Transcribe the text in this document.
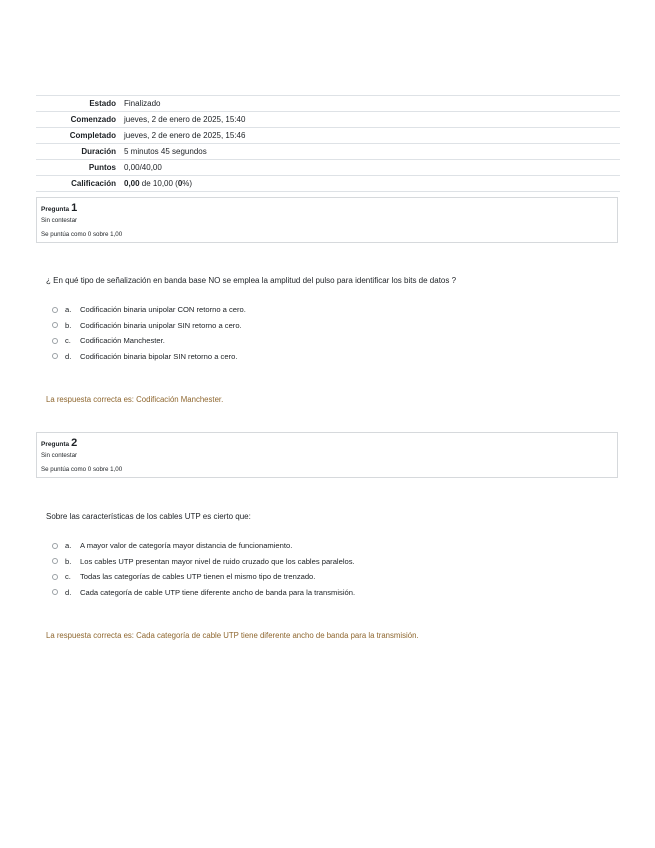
Estado	Finalizado
Comenzado	jueves, 2 de enero de 2025, 15:40
Completado	jueves, 2 de enero de 2025, 15:46
Duración	5 minutos 45 segundos
Puntos	0,00/40,00
Calificación	0,00 de 10,00 (0%)
Pregunta 1
Sin contestar
Se puntúa como 0 sobre 1,00
¿ En qué tipo de señalización en banda base NO se emplea la amplitud del pulso para identificar los bits de datos ?
a.	Codificación binaria unipolar CON retorno a cero.
b.	Codificación binaria unipolar SIN retorno a cero.
c.	Codificación Manchester.
d.	Codificación binaria bipolar SIN retorno a cero.
La respuesta correcta es: Codificación Manchester.
Pregunta 2
Sin contestar
Se puntúa como 0 sobre 1,00
Sobre las características de los cables UTP es cierto que:
a.	A mayor valor de categoría mayor distancia de funcionamiento.
b.	Los cables UTP presentan mayor nivel de ruido cruzado que los cables paralelos.
c.	Todas las categorías de cables UTP tienen el mismo tipo de trenzado.
d.	Cada categoría de cable UTP tiene diferente ancho de banda para la transmisión.
La respuesta correcta es: Cada categoría de cable UTP tiene diferente ancho de banda para la transmisión.
